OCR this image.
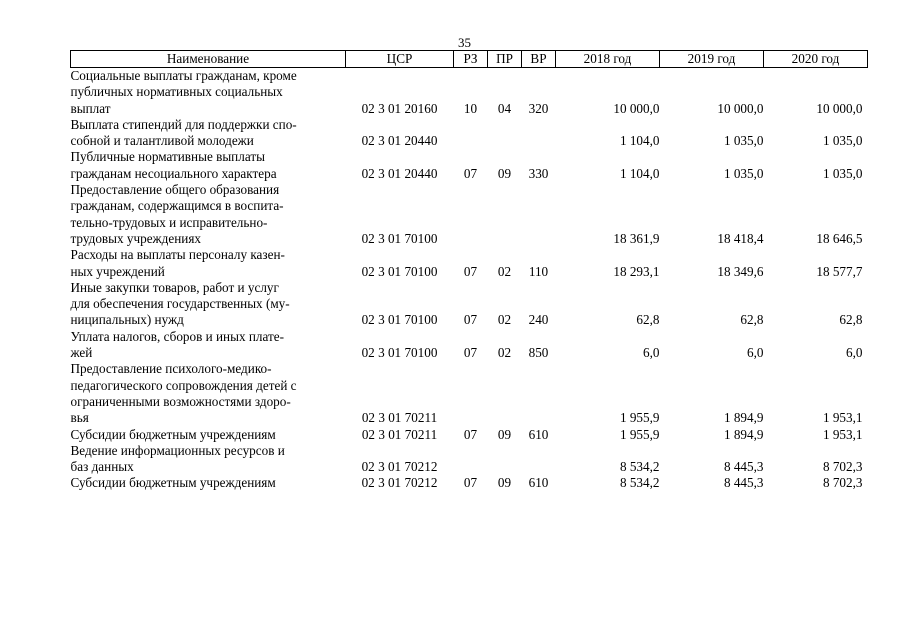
35
Наименование	ЦСР	РЗ	ПР	ВР	2018 год	2019 год	2020 год
Социальные выплаты гражданам, кроме
публичных нормативных социальных
выплат	02 3 01 20160	10	04	320	10 000,0	10 000,0	10 000,0
Выплата стипендий для поддержки спо-
собной и талантливой молодежи	02 3 01 20440				1 104,0	1 035,0	1 035,0
Публичные нормативные выплаты
гражданам несоциального характера	02 3 01 20440	07	09	330	1 104,0	1 035,0	1 035,0
Предоставление общего образования
гражданам, содержащимся в воспита-
тельно-трудовых и исправительно-
трудовых учреждениях	02 3 01 70100				18 361,9	18 418,4	18 646,5
Расходы на выплаты персоналу казен-
ных учреждений	02 3 01 70100	07	02	110	18 293,1	18 349,6	18 577,7
Иные закупки товаров, работ и услуг
для обеспечения государственных (му-
ниципальных) нужд	02 3 01 70100	07	02	240	62,8	62,8	62,8
Уплата налогов, сборов и иных плате-
жей	02 3 01 70100	07	02	850	6,0	6,0	6,0
Предоставление психолого-медико-
педагогического сопровождения детей с
ограниченными возможностями здоро-
вья	02 3 01 70211				1 955,9	1 894,9	1 953,1
Субсидии бюджетным учреждениям	02 3 01 70211	07	09	610	1 955,9	1 894,9	1 953,1
Ведение информационных ресурсов и
баз данных	02 3 01 70212				8 534,2	8 445,3	8 702,3
Субсидии бюджетным учреждениям	02 3 01 70212	07	09	610	8 534,2	8 445,3	8 702,3
